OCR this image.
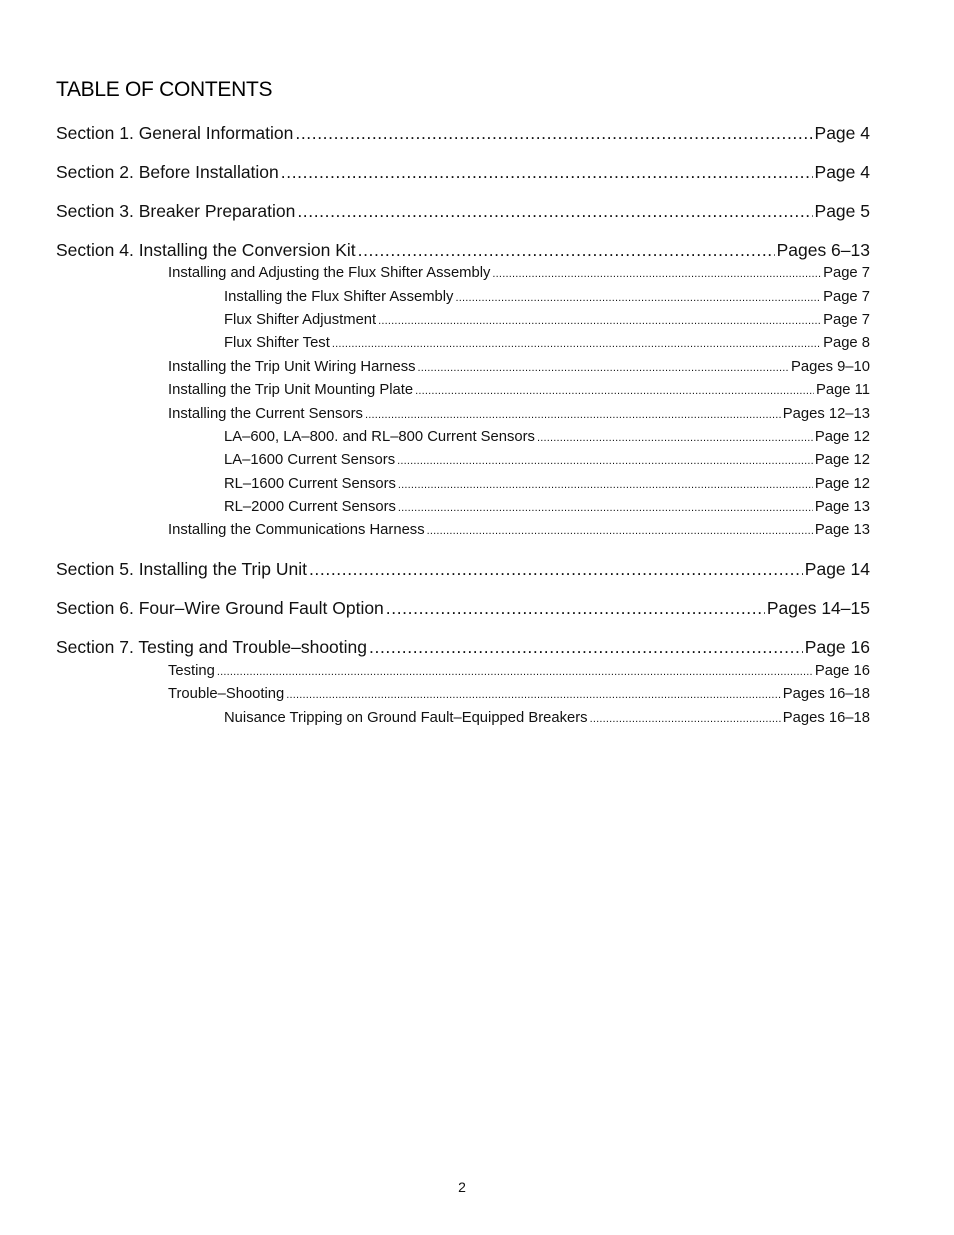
TABLE OF CONTENTS
Section 1. General Information .....	Page 4
Section 2. Before Installation .....	Page 4
Section 3. Breaker Preparation .....	Page 5
Section 4. Installing the Conversion Kit .....	Pages 6–13
Installing and Adjusting the Flux Shifter Assembly .....	Page 7
Installing the Flux Shifter Assembly .....	Page 7
Flux Shifter Adjustment .....	Page 7
Flux Shifter Test .....	Page 8
Installing the Trip Unit Wiring Harness .....	Pages 9–10
Installing the Trip Unit Mounting Plate .....	Page 11
Installing the Current Sensors .....	Pages 12–13
LA–600, LA–800. and RL–800 Current Sensors .....	Page 12
LA–1600 Current Sensors .....	Page 12
RL–1600 Current Sensors .....	Page 12
RL–2000 Current Sensors .....	Page 13
Installing the Communications Harness .....	Page 13
Section 5. Installing the Trip Unit .....	Page 14
Section 6. Four–Wire Ground Fault Option .....	Pages 14–15
Section 7. Testing and Trouble–shooting .....	Page 16
Testing .....	Page 16
Trouble–Shooting .....	Pages 16–18
Nuisance Tripping on Ground Fault–Equipped Breakers .....	Pages 16–18
2
